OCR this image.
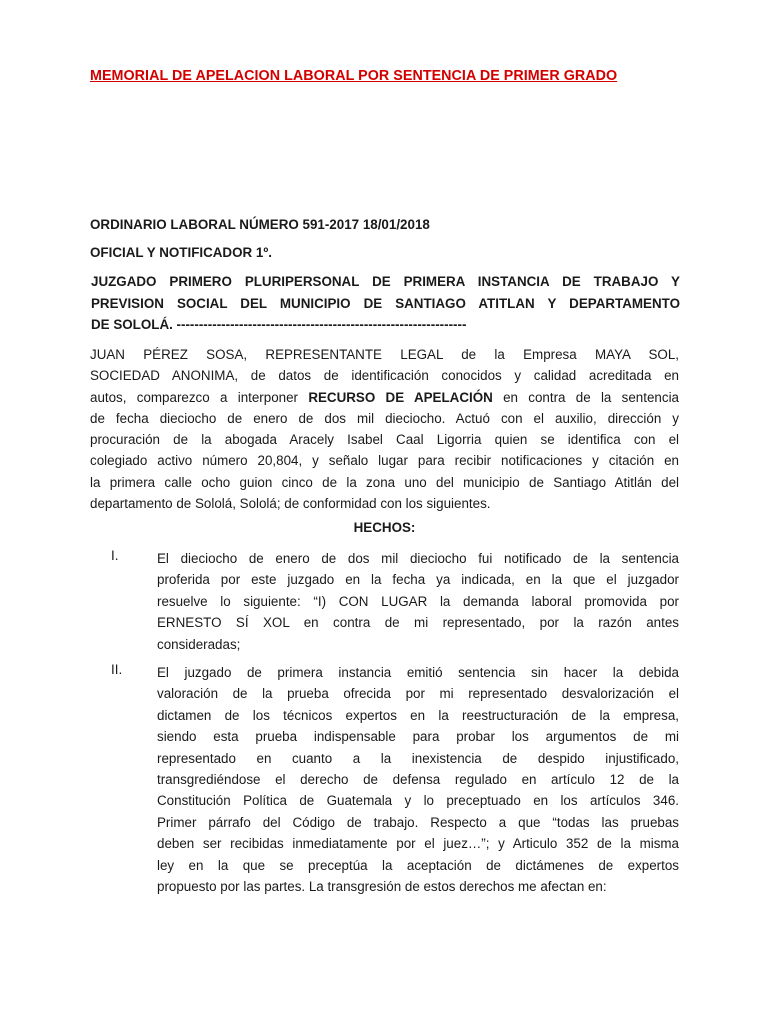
MEMORIAL DE APELACION LABORAL POR SENTENCIA DE PRIMER GRADO
ORDINARIO LABORAL NÚMERO 591-2017 18/01/2018
OFICIAL Y NOTIFICADOR 1º.
JUZGADO PRIMERO PLURIPERSONAL DE PRIMERA INSTANCIA DE TRABAJO Y
PREVISION SOCIAL DEL MUNICIPIO DE SANTIAGO ATITLAN Y DEPARTAMENTO
DE SOLOLÁ. -----------------------------------------------------------------
JUAN PÉREZ SOSA, REPRESENTANTE LEGAL de la Empresa MAYA SOL,
SOCIEDAD ANONIMA, de datos de identificación conocidos y calidad acreditada en
autos, comparezco a interponer RECURSO DE APELACIÓN en contra de la sentencia
de fecha dieciocho de enero de dos mil dieciocho. Actuó con el auxilio, dirección y
procuración de la abogada Aracely Isabel Caal Ligorria quien se identifica con el
colegiado activo número 20,804, y señalo lugar para recibir notificaciones y citación en
la primera calle ocho guion cinco de la zona uno del municipio de Santiago Atitlán del
departamento de Sololá, Sololá; de conformidad con los siguientes.
HECHOS:
I.	El dieciocho de enero de dos mil dieciocho fui notificado de la sentencia
proferida por este juzgado en la fecha ya indicada, en la que el juzgador
resuelve lo siguiente: “I) CON LUGAR la demanda laboral promovida por
ERNESTO SÍ XOL en contra de mi representado, por la razón antes
consideradas;
II.	El juzgado de primera instancia emitió sentencia sin hacer la debida
valoración de la prueba ofrecida por mi representado desvalorización el
dictamen de los técnicos expertos en la reestructuración de la empresa,
siendo esta prueba indispensable para probar los argumentos de mi
representado en cuanto a la inexistencia de despido injustificado,
transgrediéndose el derecho de defensa regulado en artículo 12 de la
Constitución Política de Guatemala y lo preceptuado en los artículos 346.
Primer párrafo del Código de trabajo. Respecto a que “todas las pruebas
deben ser recibidas inmediatamente por el juez…”; y Articulo 352 de la misma
ley en la que se preceptúa la aceptación de dictámenes de expertos
propuesto por las partes. La transgresión de estos derechos me afectan en:
